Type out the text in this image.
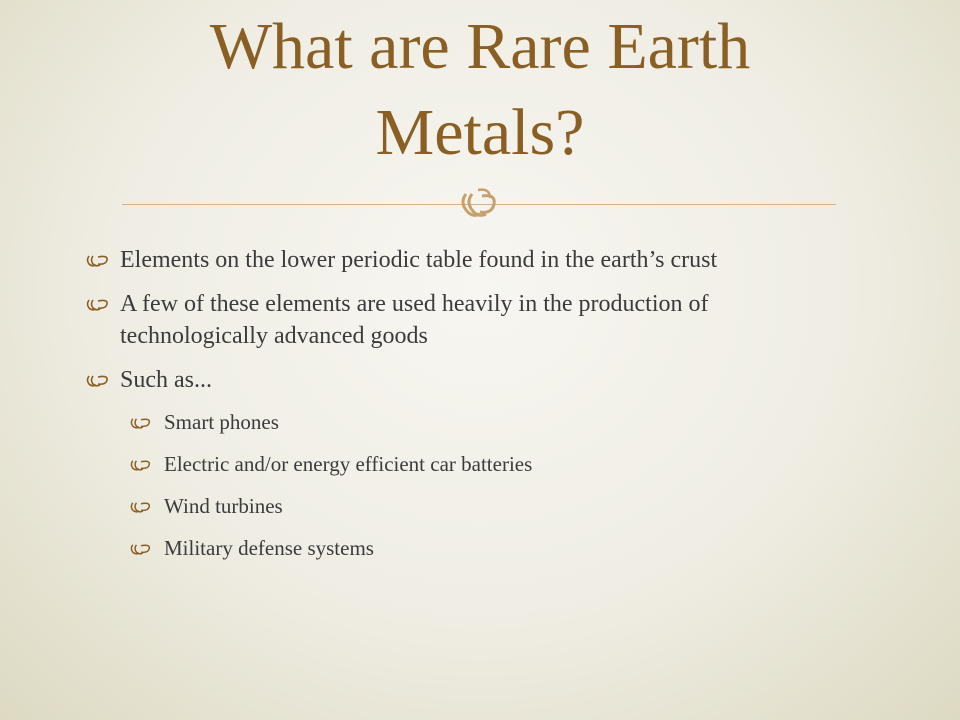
What are Rare Earth Metals?
Elements on the lower periodic table found in the earth’s crust
A few of these elements are used heavily in the production of technologically advanced goods
Such as...
Smart phones
Electric and/or energy efficient car batteries
Wind turbines
Military defense systems
